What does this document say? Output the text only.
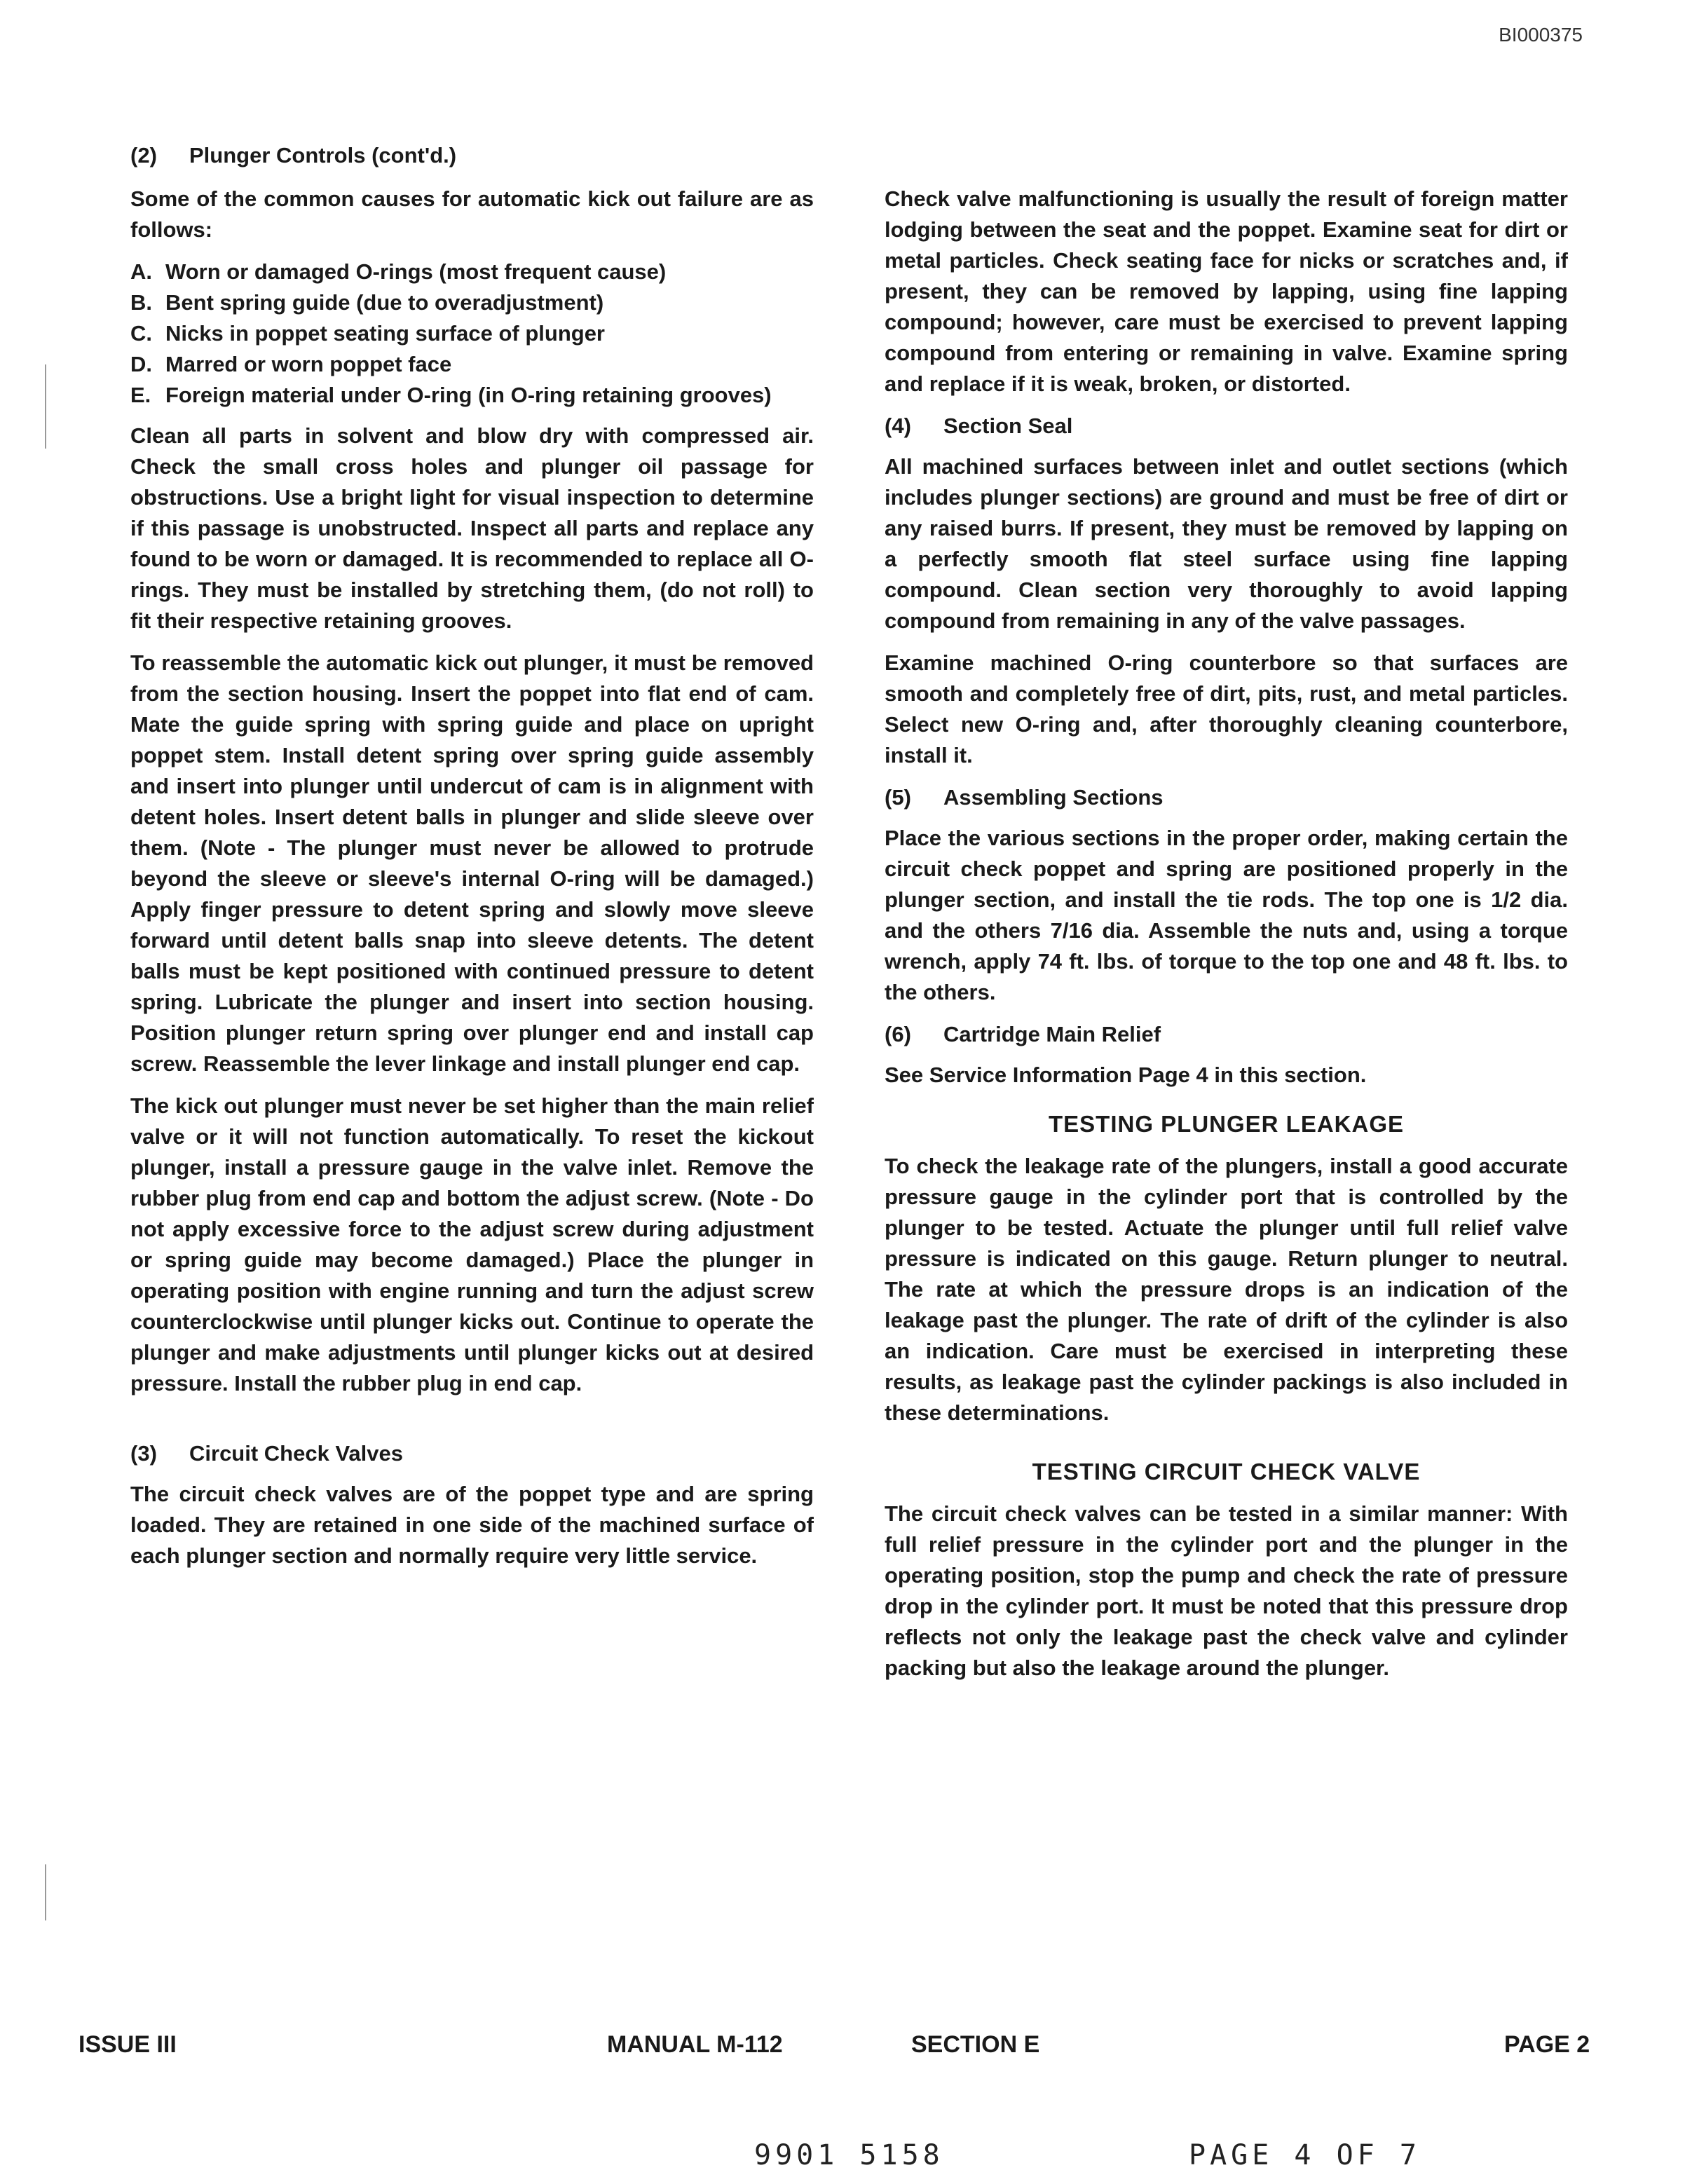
BI000375
(2) Plunger Controls (cont'd.)

Some of the common causes for automatic kick out failure are as follows:

A. Worn or damaged O-rings (most frequent cause)
B. Bent spring guide (due to overadjustment)
C. Nicks in poppet seating surface of plunger
D. Marred or worn poppet face
E. Foreign material under O-ring (in O-ring retaining grooves)

Clean all parts in solvent and blow dry with compressed air. Check the small cross holes and plunger oil passage for obstructions. Use a bright light for visual inspection to determine if this passage is unobstructed. Inspect all parts and replace any found to be worn or damaged. It is recommended to replace all O-rings. They must be installed by stretching them, (do not roll) to fit their respective retaining grooves.

To reassemble the automatic kick out plunger, it must be removed from the section housing. Insert the poppet into flat end of cam. Mate the guide spring with spring guide and place on upright poppet stem. Install detent spring over spring guide assembly and insert into plunger until undercut of cam is in alignment with detent holes. Insert detent balls in plunger and slide sleeve over them. (Note - The plunger must never be allowed to protrude beyond the sleeve or sleeve's internal O-ring will be damaged.) Apply finger pressure to detent spring and slowly move sleeve forward until detent balls snap into sleeve detents. The detent balls must be kept positioned with continued pressure to detent spring. Lubricate the plunger and insert into section housing. Position plunger return spring over plunger end and install cap screw. Reassemble the lever linkage and install plunger end cap.

The kick out plunger must never be set higher than the main relief valve or it will not function automatically. To reset the kickout plunger, install a pressure gauge in the valve inlet. Remove the rubber plug from end cap and bottom the adjust screw. (Note - Do not apply excessive force to the adjust screw during adjustment or spring guide may become damaged.) Place the plunger in operating position with engine running and turn the adjust screw counterclockwise until plunger kicks out. Continue to operate the plunger and make adjustments until plunger kicks out at desired pressure. Install the rubber plug in end cap.

(3) Circuit Check Valves

The circuit check valves are of the poppet type and are spring loaded. They are retained in one side of the machined surface of each plunger section and normally require very little service.

Check valve malfunctioning is usually the result of foreign matter lodging between the seat and the poppet. Examine seat for dirt or metal particles. Check seating face for nicks or scratches and, if present, they can be removed by lapping, using fine lapping compound; however, care must be exercised to prevent lapping compound from entering or remaining in valve. Examine spring and replace if it is weak, broken, or distorted.

(4) Section Seal

All machined surfaces between inlet and outlet sections (which includes plunger sections) are ground and must be free of dirt or any raised burrs. If present, they must be removed by lapping on a perfectly smooth flat steel surface using fine lapping compound. Clean section very thoroughly to avoid lapping compound from remaining in any of the valve passages.

Examine machined O-ring counterbore so that surfaces are smooth and completely free of dirt, pits, rust, and metal particles. Select new O-ring and, after thoroughly cleaning counterbore, install it.

(5) Assembling Sections

Place the various sections in the proper order, making certain the circuit check poppet and spring are positioned properly in the plunger section, and install the tie rods. The top one is 1/2 dia. and the others 7/16 dia. Assemble the nuts and, using a torque wrench, apply 74 ft. lbs. of torque to the top one and 48 ft. lbs. to the others.

(6) Cartridge Main Relief

See Service Information Page 4 in this section.

TESTING PLUNGER LEAKAGE

To check the leakage rate of the plungers, install a good accurate pressure gauge in the cylinder port that is controlled by the plunger to be tested. Actuate the plunger until full relief valve pressure is indicated on this gauge. Return plunger to neutral. The rate at which the pressure drops is an indication of the leakage past the plunger. The rate of drift of the cylinder is also an indication. Care must be exercised in interpreting these results, as leakage past the cylinder packings is also included in these determinations.

TESTING CIRCUIT CHECK VALVE

The circuit check valves can be tested in a similar manner: With full relief pressure in the cylinder port and the plunger in the operating position, stop the pump and check the rate of pressure drop in the cylinder port. It must be noted that this pressure drop reflects not only the leakage past the check valve and cylinder packing but also the leakage around the plunger.

ISSUE III	MANUAL M-112	SECTION E	PAGE 2
9901 5158	PAGE 4 OF 7
